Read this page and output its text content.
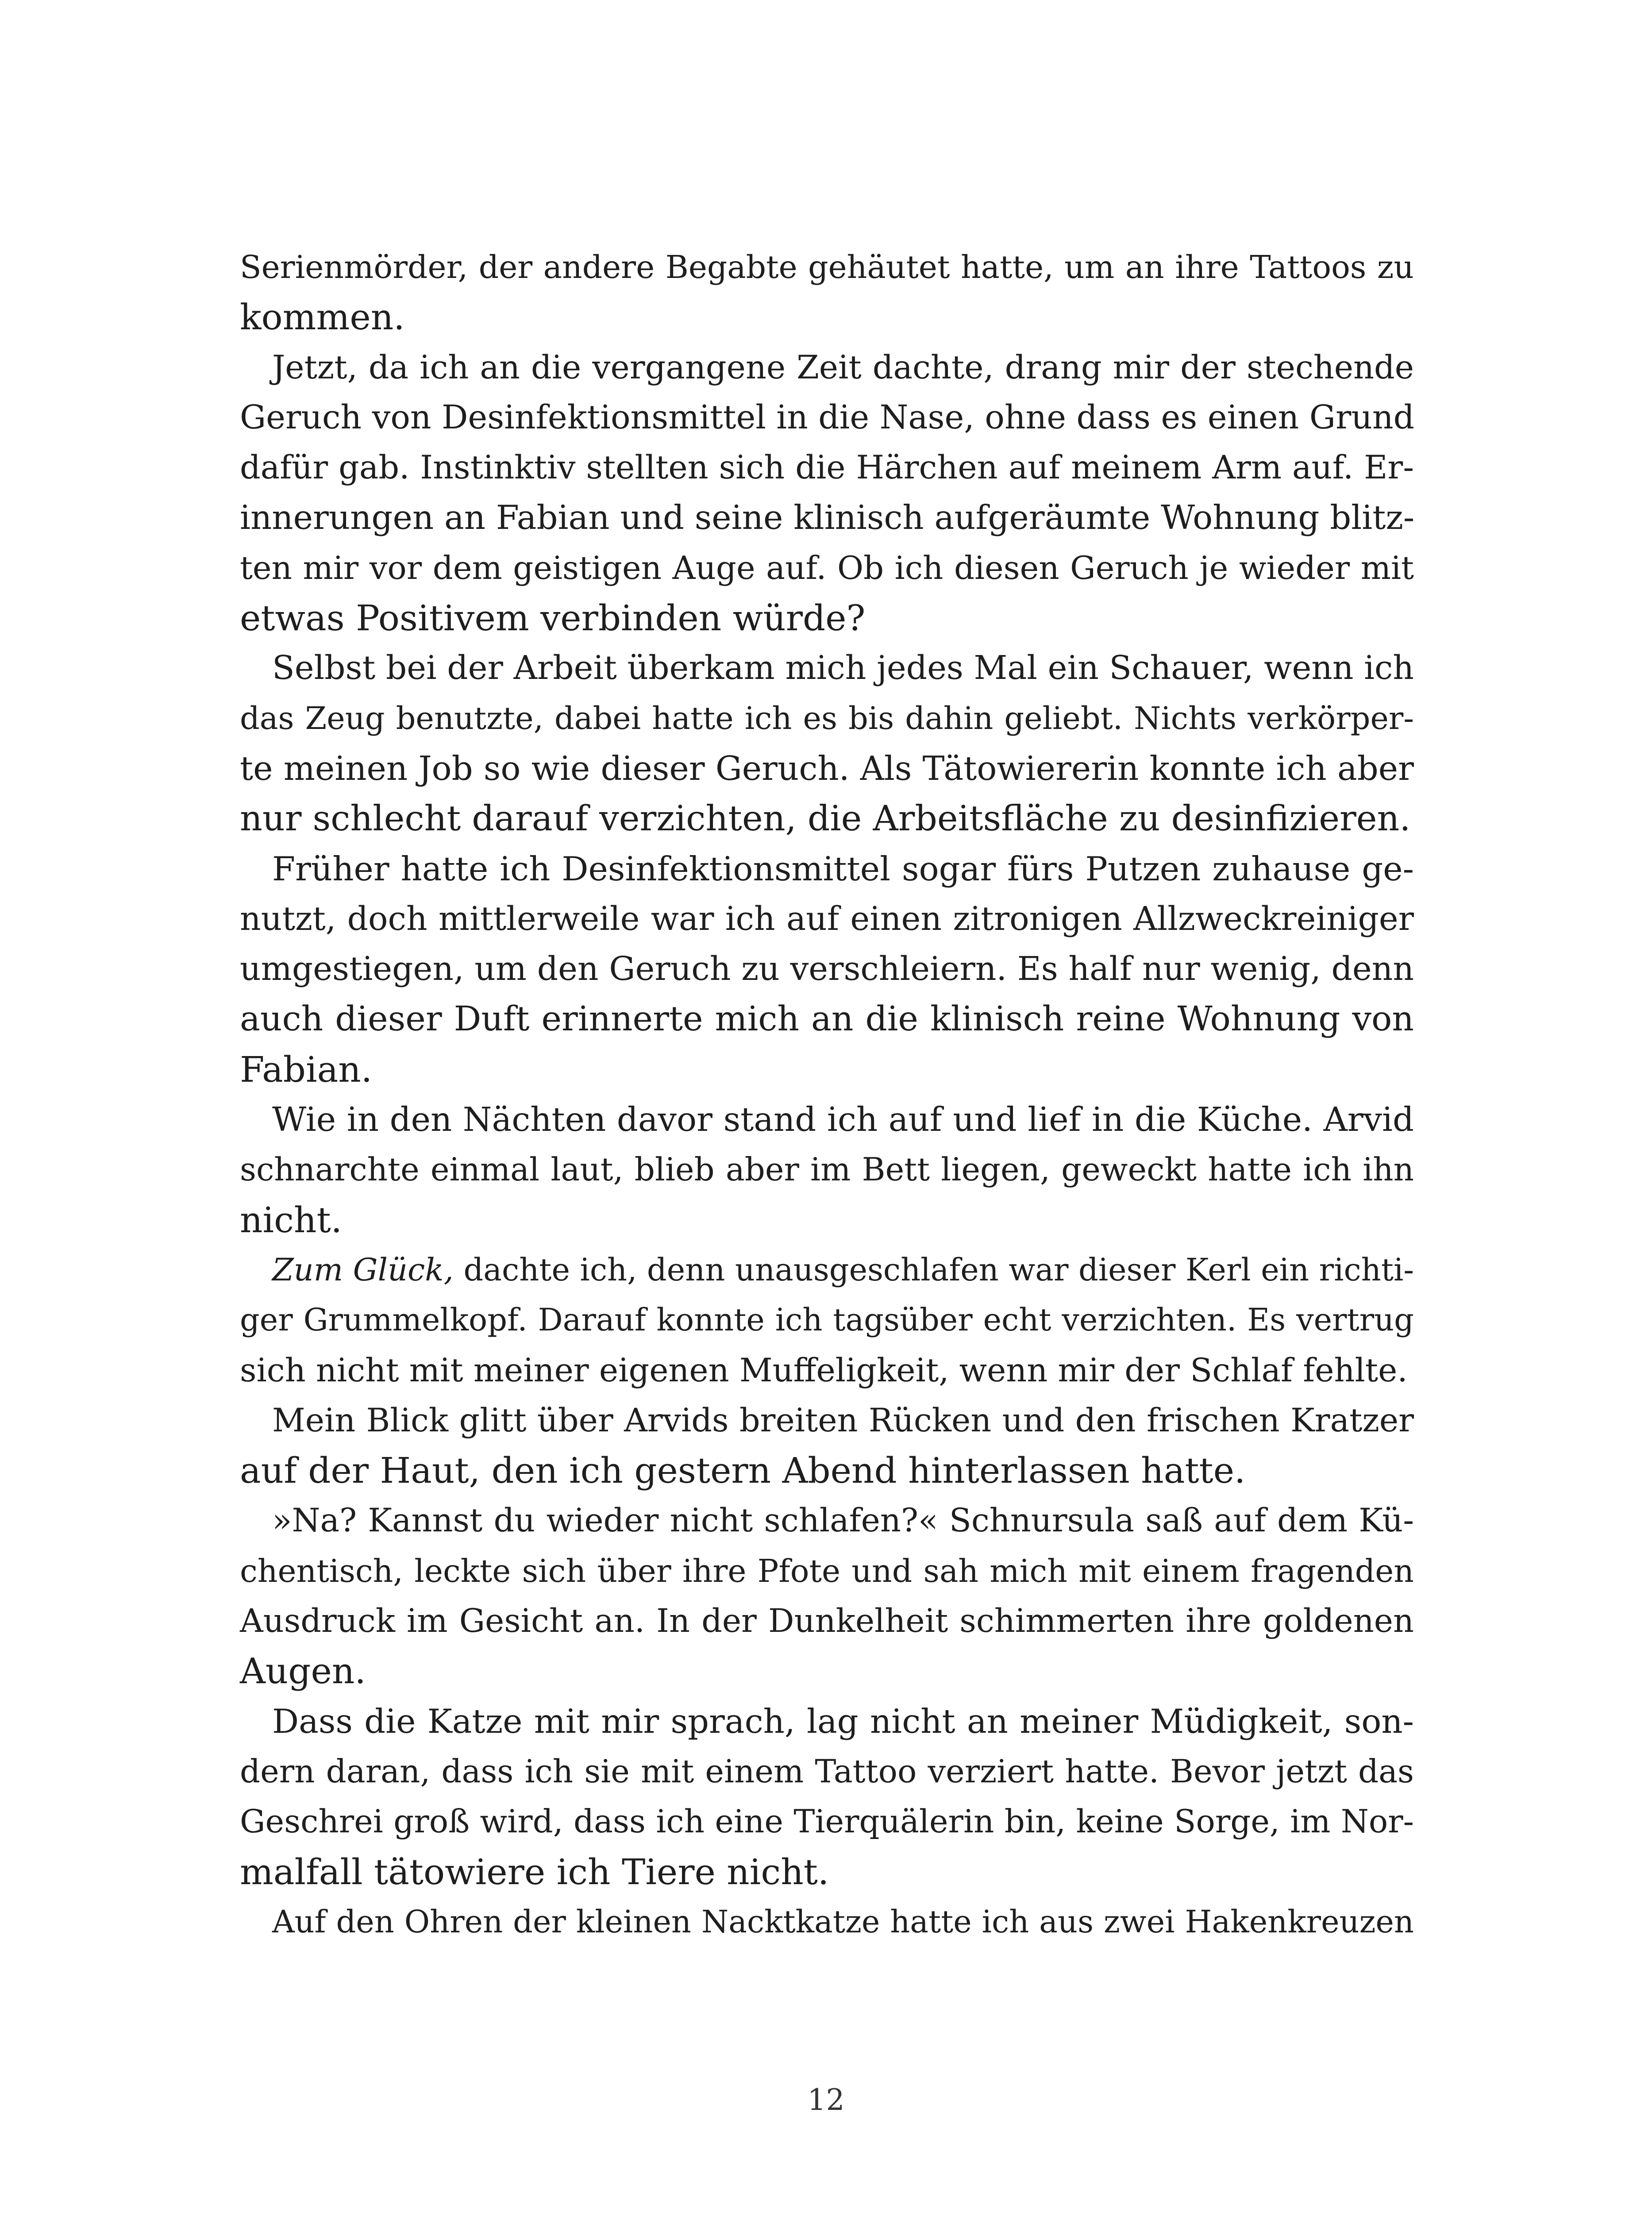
Serienmörder, der andere Begabte gehäutet hatte, um an ihre Tattoos zu
kommen.
Jetzt, da ich an die vergangene Zeit dachte, drang mir der stechende
Geruch von Desinfektionsmittel in die Nase, ohne dass es einen Grund
dafür gab. Instinktiv stellten sich die Härchen auf meinem Arm auf. Er-
innerungen an Fabian und seine klinisch aufgeräumte Wohnung blitz-
ten mir vor dem geistigen Auge auf. Ob ich diesen Geruch je wieder mit
etwas Positivem verbinden würde?
Selbst bei der Arbeit überkam mich jedes Mal ein Schauer, wenn ich
das Zeug benutzte, dabei hatte ich es bis dahin geliebt. Nichts verkörper-
te meinen Job so wie dieser Geruch. Als Tätowiererin konnte ich aber
nur schlecht darauf verzichten, die Arbeitsfläche zu desinfizieren.
Früher hatte ich Desinfektionsmittel sogar fürs Putzen zuhause ge-
nutzt, doch mittlerweile war ich auf einen zitronigen Allzweckreiniger
umgestiegen, um den Geruch zu verschleiern. Es half nur wenig, denn
auch dieser Duft erinnerte mich an die klinisch reine Wohnung von
Fabian.
Wie in den Nächten davor stand ich auf und lief in die Küche. Arvid
schnarchte einmal laut, blieb aber im Bett liegen, geweckt hatte ich ihn
nicht.
Zum Glück, dachte ich, denn unausgeschlafen war dieser Kerl ein richti-
ger Grummelkopf. Darauf konnte ich tagsüber echt verzichten. Es vertrug
sich nicht mit meiner eigenen Muffeligkeit, wenn mir der Schlaf fehlte.
Mein Blick glitt über Arvids breiten Rücken und den frischen Kratzer
auf der Haut, den ich gestern Abend hinterlassen hatte.
»Na? Kannst du wieder nicht schlafen?« Schnursula saß auf dem Kü-
chentisch, leckte sich über ihre Pfote und sah mich mit einem fragenden
Ausdruck im Gesicht an. In der Dunkelheit schimmerten ihre goldenen
Augen.
Dass die Katze mit mir sprach, lag nicht an meiner Müdigkeit, son-
dern daran, dass ich sie mit einem Tattoo verziert hatte. Bevor jetzt das
Geschrei groß wird, dass ich eine Tierquälerin bin, keine Sorge, im Nor-
malfall tätowiere ich Tiere nicht.
Auf den Ohren der kleinen Nacktkatze hatte ich aus zwei Hakenkreuzen
12
